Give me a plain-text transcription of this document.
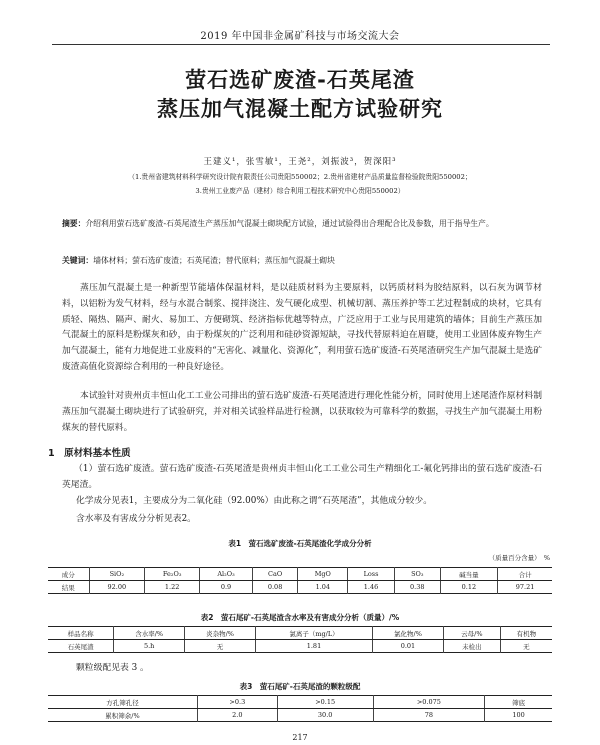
2019 年中国非金属矿科技与市场交流大会
萤石选矿废渣-石英尾渣
蒸压加气混凝土配方试验研究
王建义¹，张雪敏¹，王尧²，刘振波³，贺深阳³
（1.贵州省建筑材料科学研究设计院有限责任公司贵阳550002；2.贵州省建材产品质量监督检验院贵阳550002；
3.贵州工业废产品（建材）综合利用工程技术研究中心贵阳550002）
摘要：介绍利用萤石选矿废渣-石英尾渣生产蒸压加气混凝土砌块配方试验，通过试验得出合理配合比及参数，用于指导生产。
关键词：墙体材料；萤石选矿废渣；石英尾渣；替代原料；蒸压加气混凝土砌块
蒸压加气混凝土是一种新型节能墙体保温材料，是以硅质材料为主要原料，以钙质材料为胶结原料，以石灰为调节材料，以铝粉为发气材料，经与水混合制浆、搅拌浇注、发气硬化成型、机械切割、蒸压养护等工艺过程制成的块材，它具有质轻、隔热、隔声、耐火、易加工、方便砌筑、经济指标优越等特点，广泛应用于工业与民用建筑的墙体；目前生产蒸压加气混凝土的原料是粉煤灰和砂，由于粉煤灰的广泛利用和硅砂资源短缺，寻找代替原料迫在眉睫，使用工业固体废弃物生产加气混凝土，能有力地促进工业废料的“无害化、减量化、资源化”，利用萤石选矿废渣-石英尾渣研究生产加气混凝土是选矿废渣高值化资源综合利用的一种良好途径。
本试验针对贵州贞丰恒山化工工业公司排出的萤石选矿废渣-石英尾渣进行理化性能分析，同时使用上述尾渣作原材料制蒸压加气混凝土砌块进行了试验研究，并对相关试验样品进行检测，以获取较为可靠科学的数据，寻找生产加气混凝土用粉煤灰的替代原料。
1　原材料基本性质
（1）萤石选矿废渣。萤石选矿废渣-石英尾渣是贵州贞丰恒山化工工业公司生产精细化工-氟化钙排出的萤石选矿废渣-石英尾渣。
化学成分见表1，主要成分为二氧化硅（92.00%）由此称之谓“石英尾渣”，其他成分较少。
含水率及有害成分分析见表2。
表1　萤石选矿废渣-石英尾渣化学成分分析
（质量百分含量）　%
成分	SiO₂	Fe₂O₃	Al₂O₃	CaO	MgO	Loss	SO₃	碱当量	合计
结果	92.00	1.22	0.9	0.08	1.04	1.46	0.38	0.12	97.21
表2　萤石尾矿-石英尾渣含水率及有害成分分析（质量）/%
样品名称	含水率/%	炎杂物/%	氯离子（mg/L）	氯化物/%	云母/%	有机物
石英尾渣	5.h	无	1.81	0.01	未检出	无
颗粒级配见表 3 。
表3　萤石尾矿-石英尾渣的颗粒级配
方孔筛孔径	>0.3	>0.15	>0.075	筛底
累积筛余/%	2.0	30.0	78	100
217
